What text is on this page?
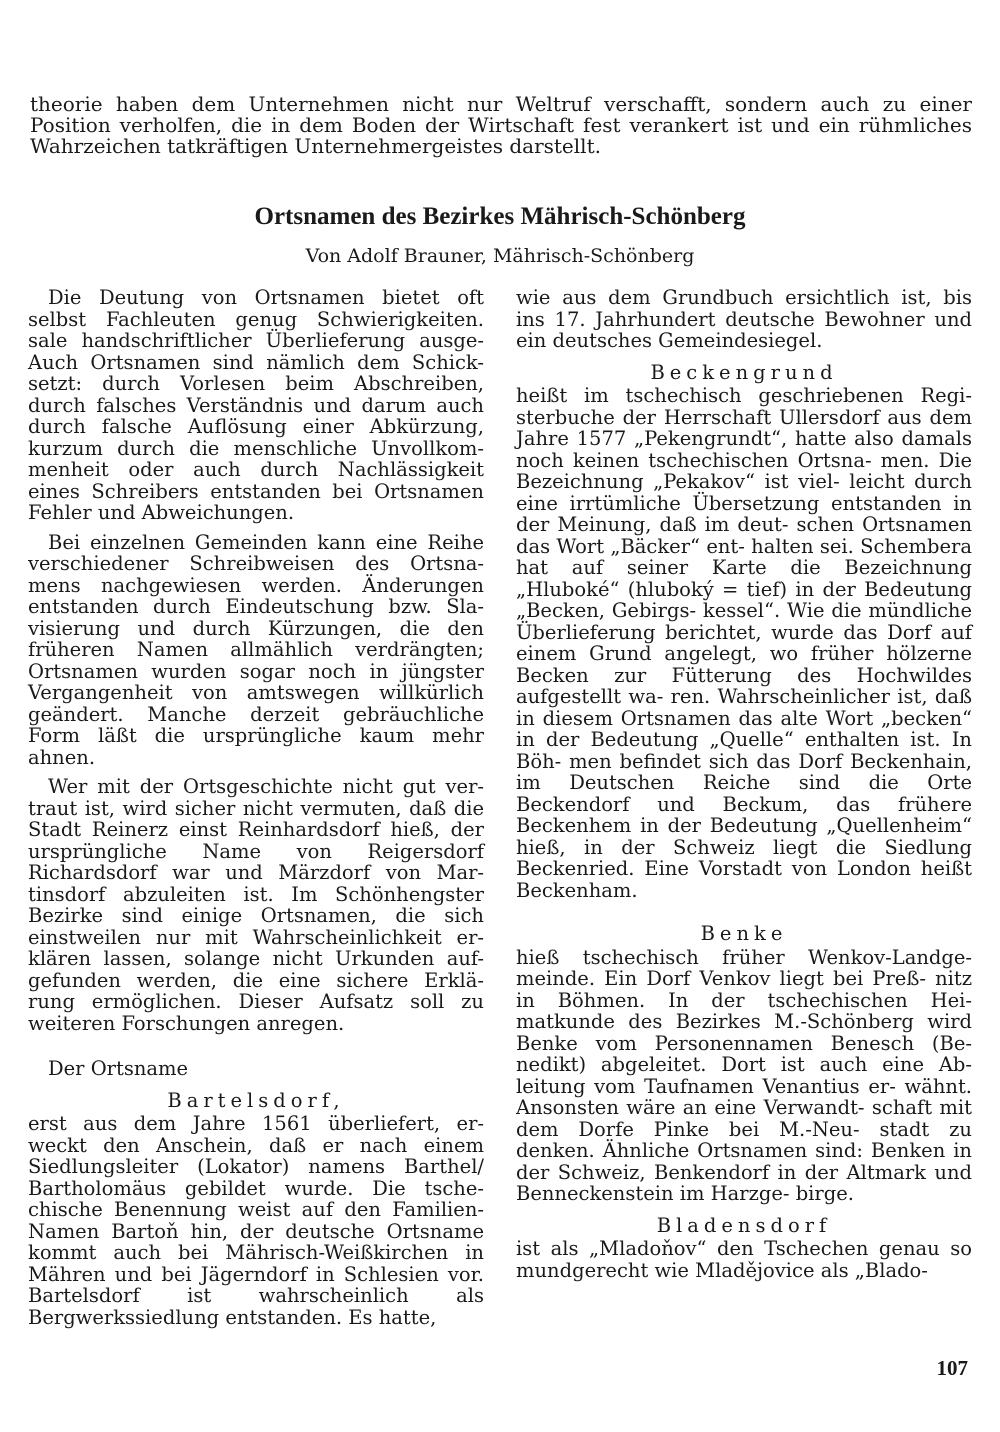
theorie haben dem Unternehmen nicht nur Weltruf verschafft, sondern auch zu einer Position verholfen, die in dem Boden der Wirtschaft fest verankert ist und ein rühmliches Wahrzeichen tatkräftigen Unternehmergeistes darstellt.
Ortsnamen des Bezirkes Mährisch-Schönberg
Von Adolf Brauner, Mährisch-Schönberg

Die Deutung von Ortsnamen bietet oft selbst Fachleuten genug Schwierigkeiten. sale handschriftlicher Überlieferung ausge- Auch Ortsnamen sind nämlich dem Schick- setzt: durch Vorlesen beim Abschreiben, durch falsches Verständnis und darum auch durch falsche Auflösung einer Abkürzung, kurzum durch die menschliche Unvollkom- menheit oder auch durch Nachlässigkeit eines Schreibers entstanden bei Ortsnamen Fehler und Abweichungen.

Bei einzelnen Gemeinden kann eine Reihe verschiedener Schreibweisen des Ortsna- mens nachgewiesen werden. Änderungen entstanden durch Eindeutschung bzw. Sla- visierung und durch Kürzungen, die den früheren Namen allmählich verdrängten; Ortsnamen wurden sogar noch in jüngster Vergangenheit von amtswegen willkürlich geändert. Manche derzeit gebräuchliche Form läßt die ursprüngliche kaum mehr ahnen.

Wer mit der Ortsgeschichte nicht gut ver- traut ist, wird sicher nicht vermuten, daß die Stadt Reinerz einst Reinhardsdorf hieß, der ursprüngliche Name von Reigersdorf Richardsdorf war und Märzdorf von Mar- tinsdorf abzuleiten ist. Im Schönhengster Bezirke sind einige Ortsnamen, die sich einstweilen nur mit Wahrscheinlichkeit er- klären lassen, solange nicht Urkunden auf- gefunden werden, die eine sichere Erklä- rung ermöglichen. Dieser Aufsatz soll zu weiteren Forschungen anregen.

Der Ortsname

Bartelsdorf,

erst aus dem Jahre 1561 überliefert, er- weckt den Anschein, daß er nach einem Siedlungsleiter (Lokator) namens Barthel/ Bartholomäus gebildet wurde. Die tsche- chische Benennung weist auf den Familien- Namen Bartoň hin, der deutsche Ortsname kommt auch bei Mährisch-Weißkirchen in Mähren und bei Jägerndorf in Schlesien vor. Bartelsdorf ist wahrscheinlich als Bergwerkssiedlung entstanden. Es hatte,

wie aus dem Grundbuch ersichtlich ist, bis ins 17. Jahrhundert deutsche Bewohner und ein deutsches Gemeindesiegel.

Beckengrund

heißt im tschechisch geschriebenen Regi- sterbuche der Herrschaft Ullersdorf aus dem Jahre 1577 „Pekengrundt“, hatte also damals noch keinen tschechischen Ortsna- men. Die Bezeichnung „Pekakov“ ist viel- leicht durch eine irrtümliche Übersetzung entstanden in der Meinung, daß im deut- schen Ortsnamen das Wort „Bäcker“ ent- halten sei. Schembera hat auf seiner Karte die Bezeichnung „Hluboké“ (hluboký = tief) in der Bedeutung „Becken, Gebirgs- kessel“. Wie die mündliche Überlieferung berichtet, wurde das Dorf auf einem Grund angelegt, wo früher hölzerne Becken zur Fütterung des Hochwildes aufgestellt wa- ren. Wahrscheinlicher ist, daß in diesem Ortsnamen das alte Wort „becken“ in der Bedeutung „Quelle“ enthalten ist. In Böh- men befindet sich das Dorf Beckenhain, im Deutschen Reiche sind die Orte Beckendorf und Beckum, das frühere Beckenhem in der Bedeutung „Quellenheim“ hieß, in der Schweiz liegt die Siedlung Beckenried. Eine Vorstadt von London heißt Beckenham.

Benke

hieß tschechisch früher Wenkov-Landge- meinde. Ein Dorf Venkov liegt bei Preß- nitz in Böhmen. In der tschechischen Hei- matkunde des Bezirkes M.-Schönberg wird Benke vom Personennamen Benesch (Be- nedikt) abgeleitet. Dort ist auch eine Ab- leitung vom Taufnamen Venantius er- wähnt. Ansonsten wäre an eine Verwandt- schaft mit dem Dorfe Pinke bei M.-Neu- stadt zu denken. Ähnliche Ortsnamen sind: Benken in der Schweiz, Benkendorf in der Altmark und Benneckenstein im Harzge- birge.

Bladensdorf

ist als „Mladoňov“ den Tschechen genau so mundgerecht wie Mladějovice als „Blado-

107
